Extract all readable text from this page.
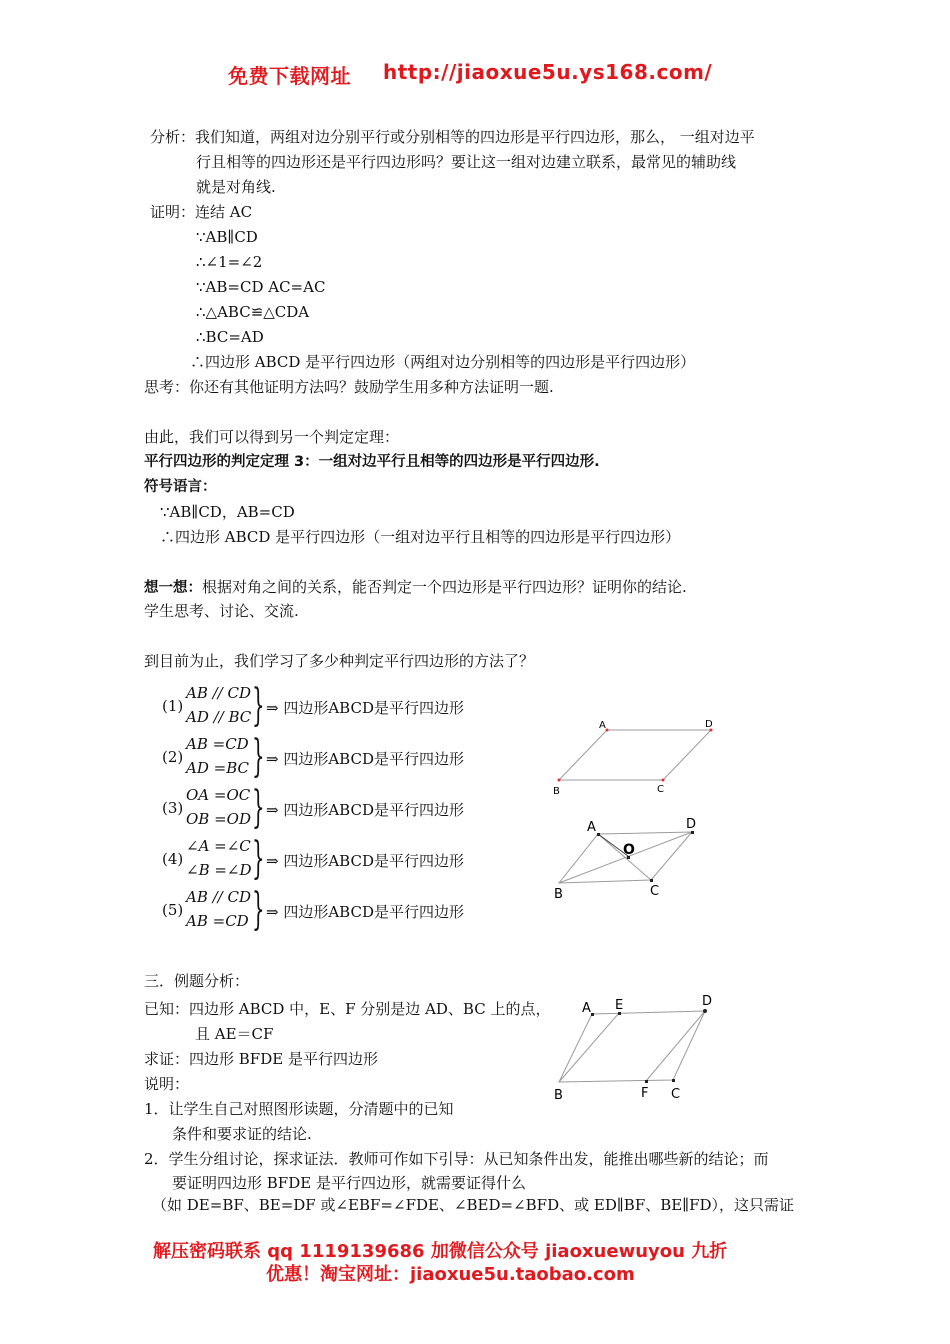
免费下载网址 http://jiaoxue5u.ys168.com/
分析：我们知道，两组对边分别平行或分别相等的四边形是平行四边形，那么， 一组对边平
行且相等的四边形还是平行四边形吗？要让这一组对边建立联系，最常见的辅助线
就是对角线.
证明：连结 AC
∵AB∥CD
∴∠1=∠2
∵AB=CD AC=AC
∴△ABC≌△CDA
∴BC=AD
∴四边形 ABCD 是平行四边形（两组对边分别相等的四边形是平行四边形）
思考：你还有其他证明方法吗？鼓励学生用多种方法证明一题.
由此，我们可以得到另一个判定定理：
平行四边形的判定定理 3：一组对边平行且相等的四边形是平行四边形.
符号语言：
∵AB∥CD，AB=CD
∴四边形 ABCD 是平行四边形（一组对边平行且相等的四边形是平行四边形）
想一想：根据对角之间的关系，能否判定一个四边形是平行四边形？证明你的结论.
学生思考、讨论、交流.
到目前为止，我们学习了多少种判定平行四边形的方法了？
(1)
AB // CD
AD // BC } ⇒ 四边形ABCD是平行四边形
(2)
AB =CD
AD =BC } ⇒ 四边形ABCD是平行四边形
(3)
OA =OC
OB =OD } ⇒ 四边形ABCD是平行四边形
(4)
∠A =∠C
∠B =∠D } ⇒ 四边形ABCD是平行四边形
(5)
AB // CD
AB =CD } ⇒ 四边形ABCD是平行四边形
A	D
B	C
A	D
O
B	C
三．例题分析：
已知：四边形 ABCD 中，E、F 分别是边 AD、BC 上的点，
且 AE＝CF
求证：四边形 BFDE 是平行四边形
说明：
1．让学生自己对照图形读题，分清题中的已知
条件和要求证的结论.
2．学生分组讨论，探求证法．教师可作如下引导：从已知条件出发，能推出哪些新的结论；而
要证明四边形 BFDE 是平行四边形，就需要证得什么
（如 DE=BF、BE=DF 或∠EBF=∠FDE、∠BED=∠BFD、或 ED∥BF、BE∥FD），这只需证
A E	D
B	F C
解压密码联系 qq 1119139686 加微信公众号 jiaoxuewuyou 九折
优惠！淘宝网址：jiaoxue5u.taobao.com
